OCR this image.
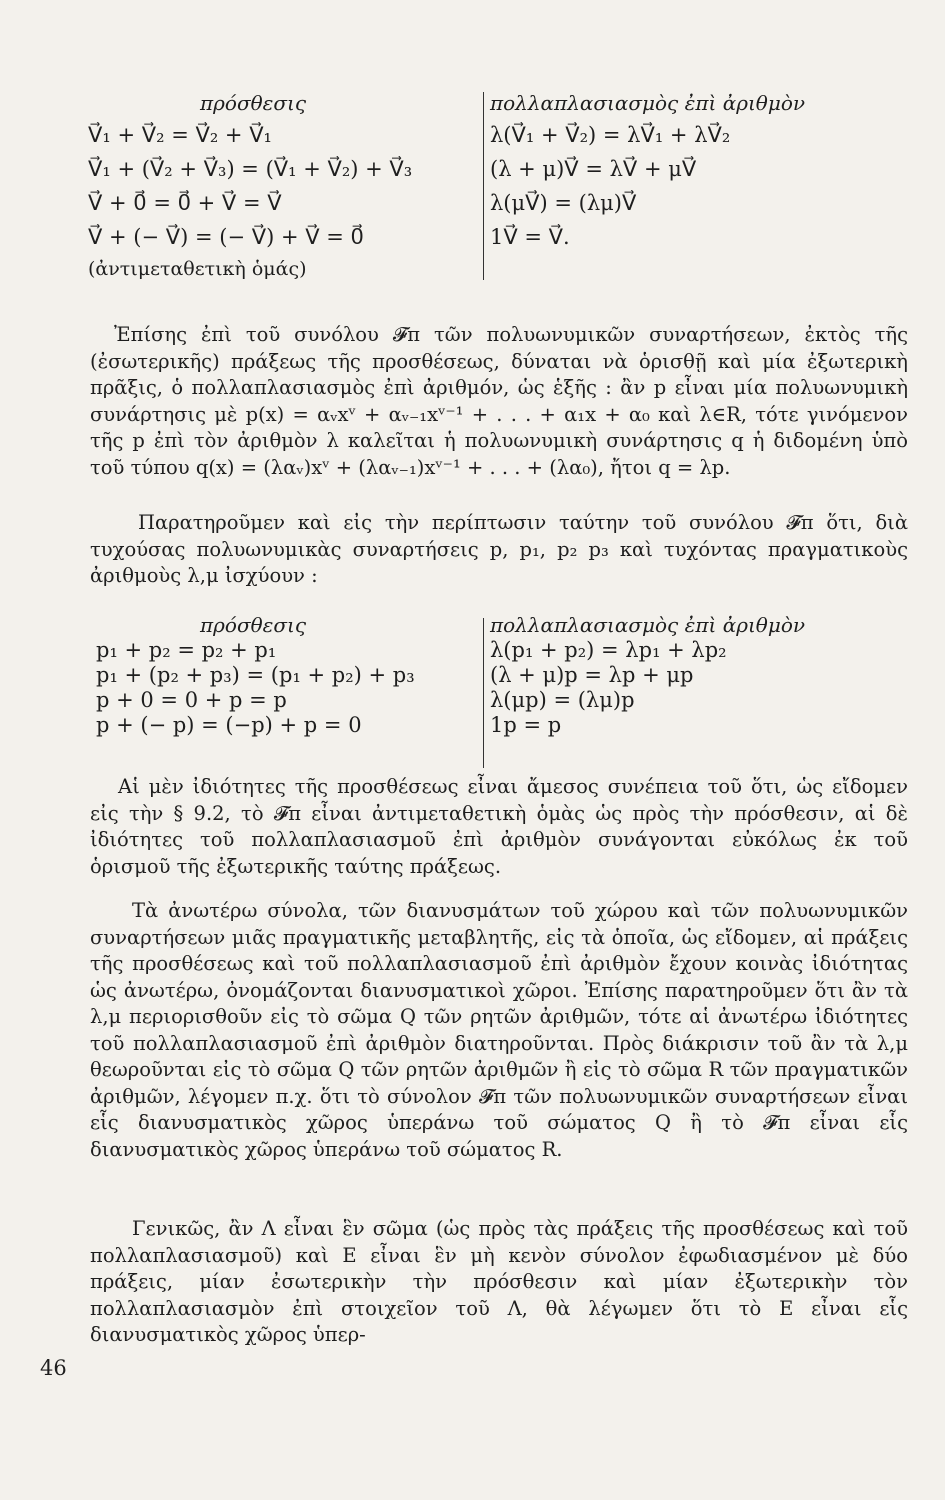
πρόσθεσις
V⃗₁ + V⃗₂ = V⃗₂ + V⃗₁
V⃗₁ + (V⃗₂ + V⃗₃) = (V⃗₁ + V⃗₂) + V⃗₃
V⃗ + 0⃗ = 0⃗ + V⃗ = V⃗
V⃗ + (− V⃗) = (− V⃗) + V⃗ = 0⃗
(ἀντιμεταθετικὴ ὁμάς)
πολλαπλασιασμὸς ἐπὶ ἀριθμὸν
λ(V⃗₁ + V⃗₂) = λV⃗₁ + λV⃗₂
(λ + μ)V⃗ = λV⃗ + μV⃗
λ(μV⃗) = (λμ)V⃗
1V⃗ = V⃗.

Ἐπίσης ἐπὶ τοῦ συνόλου 𝓕π τῶν πολυωνυμικῶν συναρτήσεων, ἐκτὸς τῆς (ἐσωτερικῆς) πράξεως τῆς προσθέσεως, δύναται νὰ ὁρισθῇ καὶ μία ἐξωτερικὴ πρᾶξις, ὁ πολλαπλασιασμὸς ἐπὶ ἀριθμόν, ὡς ἑξῆς : ἂν p εἶναι μία πολυωνυμικὴ συνάρτησις μὲ p(x) = αᵥxᵛ + αᵥ₋₁xᵛ⁻¹ + . . . + α₁x + α₀ καὶ λ∈R, τότε γινόμενον τῆς p ἐπὶ τὸν ἀριθμὸν λ καλεῖται ἡ πολυωνυμικὴ συνάρτησις q ἡ διδομένη ὑπὸ τοῦ τύπου q(x) = (λαᵥ)xᵛ + (λαᵥ₋₁)xᵛ⁻¹ + . . . + (λα₀), ἤτοι q = λp.

Παρατηροῦμεν καὶ εἰς τὴν περίπτωσιν ταύτην τοῦ συνόλου 𝓕π ὅτι, διὰ τυχούσας πολυωνυμικὰς συναρτήσεις p, p₁, p₂ p₃ καὶ τυχόντας πραγματικοὺς ἀριθμοὺς λ,μ ἰσχύουν :

πρόσθεσις
p₁ + p₂ = p₂ + p₁
p₁ + (p₂ + p₃) = (p₁ + p₂) + p₃
p + 0 = 0 + p = p
p + (− p) = (−p) + p = 0
πολλαπλασιασμὸς ἐπὶ ἀριθμὸν
λ(p₁ + p₂) = λp₁ + λp₂
(λ + μ)p = λp + μp
λ(μp) = (λμ)p
1p = p

Αἱ μὲν ἰδιότητες τῆς προσθέσεως εἶναι ἄμεσος συνέπεια τοῦ ὅτι, ὡς εἴδομεν εἰς τὴν § 9.2, τὸ 𝓕π εἶναι ἀντιμεταθετικὴ ὁμὰς ὡς πρὸς τὴν πρόσθεσιν, αἱ δὲ ἰδιότητες τοῦ πολλαπλασιασμοῦ ἐπὶ ἀριθμὸν συνάγονται εὐκόλως ἐκ τοῦ ὁρισμοῦ τῆς ἐξωτερικῆς ταύτης πράξεως.

Τὰ ἀνωτέρω σύνολα, τῶν διανυσμάτων τοῦ χώρου καὶ τῶν πολυωνυμικῶν συναρτήσεων μιᾶς πραγματικῆς μεταβλητῆς, εἰς τὰ ὁποῖα, ὡς εἴδομεν, αἱ πράξεις τῆς προσθέσεως καὶ τοῦ πολλαπλασιασμοῦ ἐπὶ ἀριθμὸν ἔχουν κοινὰς ἰδιότητας ὡς ἀνωτέρω, ὀνομάζονται διανυσματικοὶ χῶροι. Ἐπίσης παρατηροῦμεν ὅτι ἂν τὰ λ,μ περιορισθοῦν εἰς τὸ σῶμα Q τῶν ρητῶν ἀριθμῶν, τότε αἱ ἀνωτέρω ἰδιότητες τοῦ πολλαπλασιασμοῦ ἐπὶ ἀριθμὸν διατηροῦνται. Πρὸς διάκρισιν τοῦ ἂν τὰ λ,μ θεωροῦνται εἰς τὸ σῶμα Q τῶν ρητῶν ἀριθμῶν ἢ εἰς τὸ σῶμα R τῶν πραγματικῶν ἀριθμῶν, λέγομεν π.χ. ὅτι τὸ σύνολον 𝓕π τῶν πολυωνυμικῶν συναρτήσεων εἶναι εἷς διανυσματικὸς χῶρος ὑπεράνω τοῦ σώματος Q ἢ τὸ 𝓕π εἶναι εἷς διανυσματικὸς χῶρος ὑπεράνω τοῦ σώματος R.

Γενικῶς, ἂν Λ εἶναι ἓν σῶμα (ὡς πρὸς τὰς πράξεις τῆς προσθέσεως καὶ τοῦ πολλαπλασιασμοῦ) καὶ Ε εἶναι ἓν μὴ κενὸν σύνολον ἐφωδιασμένον μὲ δύο πράξεις, μίαν ἐσωτερικὴν τὴν πρόσθεσιν καὶ μίαν ἐξωτερικὴν τὸν πολλαπλασιασμὸν ἐπὶ στοιχεῖον τοῦ Λ, θὰ λέγωμεν ὅτι τὸ Ε εἶναι εἷς διανυσματικὸς χῶρος ὑπερ-

46
